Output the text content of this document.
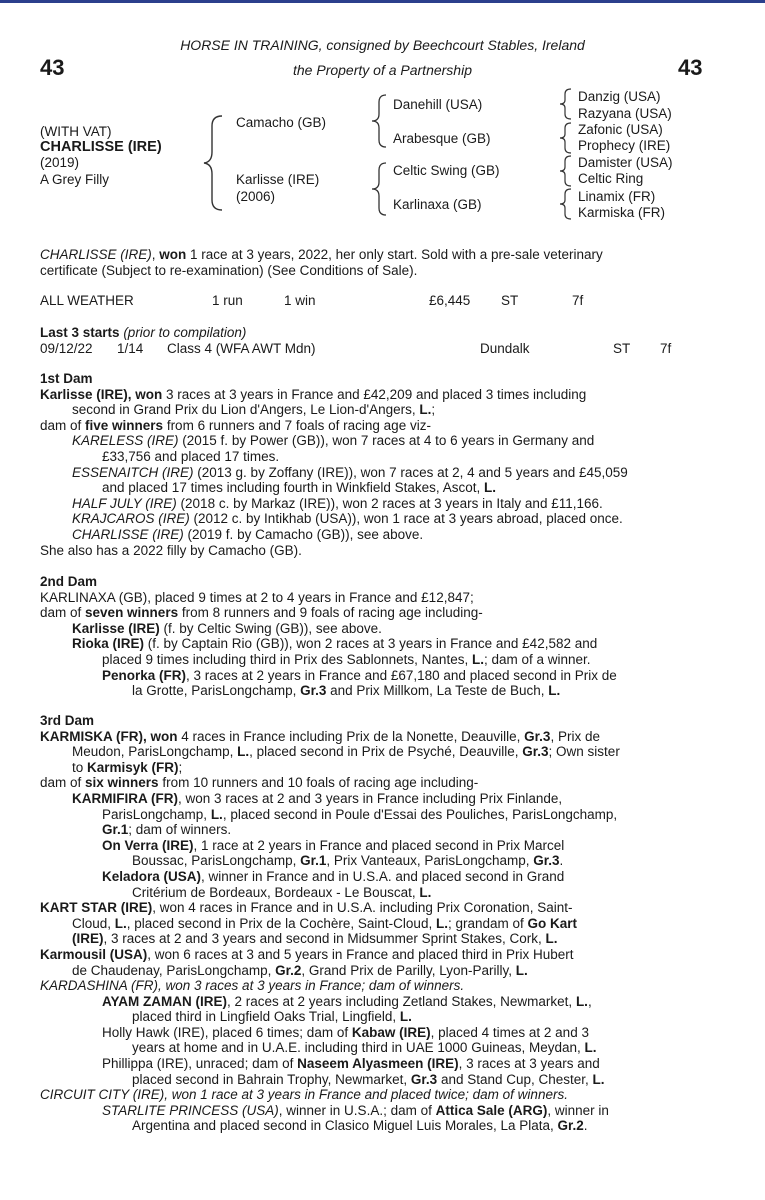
43	43
HORSE IN TRAINING, consigned by Beechcourt Stables, Ireland
the Property of a Partnership
(WITH VAT)
CHARLISSE (IRE)
(2019)
A Grey Filly
Camacho (GB)
Karlisse (IRE)
(2006)
Danehill (USA)
Arabesque (GB)
Celtic Swing (GB)
Karlinaxa (GB)
Danzig (USA)
Razyana (USA)
Zafonic (USA)
Prophecy (IRE)
Damister (USA)
Celtic Ring
Linamix (FR)
Karmiska (FR)

CHARLISSE (IRE), won 1 race at 3 years, 2022, her only start. Sold with a pre-sale veterinary

certificate (Subject to re-examination) (See Conditions of Sale).

ALL WEATHER	1 run	1 win	£6,445 ST	7f
Last 3 starts (prior to compilation)
09/12/22 1/14 Class 4 (WFA AWT Mdn)	Dundalk	ST 7f

1st Dam

Karlisse (IRE), won 3 races at 3 years in France and £42,209 and placed 3 times including

second in Grand Prix du Lion d'Angers, Le Lion-d'Angers, L.;

dam of five winners from 6 runners and 7 foals of racing age viz-

KARELESS (IRE) (2015 f. by Power (GB)), won 7 races at 4 to 6 years in Germany and

£33,756 and placed 17 times.

ESSENAITCH (IRE) (2013 g. by Zoffany (IRE)), won 7 races at 2, 4 and 5 years and £45,059

and placed 17 times including fourth in Winkfield Stakes, Ascot, L.

HALF JULY (IRE) (2018 c. by Markaz (IRE)), won 2 races at 3 years in Italy and £11,166.

KRAJCAROS (IRE) (2012 c. by Intikhab (USA)), won 1 race at 3 years abroad, placed once.

CHARLISSE (IRE) (2019 f. by Camacho (GB)), see above.

She also has a 2022 filly by Camacho (GB).

2nd Dam

KARLINAXA (GB), placed 9 times at 2 to 4 years in France and £12,847;

dam of seven winners from 8 runners and 9 foals of racing age including-

Karlisse (IRE) (f. by Celtic Swing (GB)), see above.

Rioka (IRE) (f. by Captain Rio (GB)), won 2 races at 3 years in France and £42,582 and

placed 9 times including third in Prix des Sablonnets, Nantes, L.; dam of a winner.

Penorka (FR), 3 races at 2 years in France and £67,180 and placed second in Prix de

la Grotte, ParisLongchamp, Gr.3 and Prix Millkom, La Teste de Buch, L.

3rd Dam

KARMISKA (FR), won 4 races in France including Prix de la Nonette, Deauville, Gr.3, Prix de

Meudon, ParisLongchamp, L., placed second in Prix de Psyché, Deauville, Gr.3; Own sister

to Karmisyk (FR);

dam of six winners from 10 runners and 10 foals of racing age including-

KARMIFIRA (FR), won 3 races at 2 and 3 years in France including Prix Finlande,

ParisLongchamp, L., placed second in Poule d'Essai des Pouliches, ParisLongchamp,

Gr.1; dam of winners.

On Verra (IRE), 1 race at 2 years in France and placed second in Prix Marcel

Boussac, ParisLongchamp, Gr.1, Prix Vanteaux, ParisLongchamp, Gr.3.

Keladora (USA), winner in France and in U.S.A. and placed second in Grand

Critérium de Bordeaux, Bordeaux - Le Bouscat, L.

KART STAR (IRE), won 4 races in France and in U.S.A. including Prix Coronation, Saint-

Cloud, L., placed second in Prix de la Cochère, Saint-Cloud, L.; grandam of Go Kart

(IRE), 3 races at 2 and 3 years and second in Midsummer Sprint Stakes, Cork, L.

Karmousil (USA), won 6 races at 3 and 5 years in France and placed third in Prix Hubert

de Chaudenay, ParisLongchamp, Gr.2, Grand Prix de Parilly, Lyon-Parilly, L.

KARDASHINA (FR), won 3 races at 3 years in France; dam of winners.

AYAM ZAMAN (IRE), 2 races at 2 years including Zetland Stakes, Newmarket, L.,

placed third in Lingfield Oaks Trial, Lingfield, L.

Holly Hawk (IRE), placed 6 times; dam of Kabaw (IRE), placed 4 times at 2 and 3

years at home and in U.A.E. including third in UAE 1000 Guineas, Meydan, L.

Phillippa (IRE), unraced; dam of Naseem Alyasmeen (IRE), 3 races at 3 years and

placed second in Bahrain Trophy, Newmarket, Gr.3 and Stand Cup, Chester, L.

CIRCUIT CITY (IRE), won 1 race at 3 years in France and placed twice; dam of winners.

STARLITE PRINCESS (USA), winner in U.S.A.; dam of Attica Sale (ARG), winner in

Argentina and placed second in Clasico Miguel Luis Morales, La Plata, Gr.2.
